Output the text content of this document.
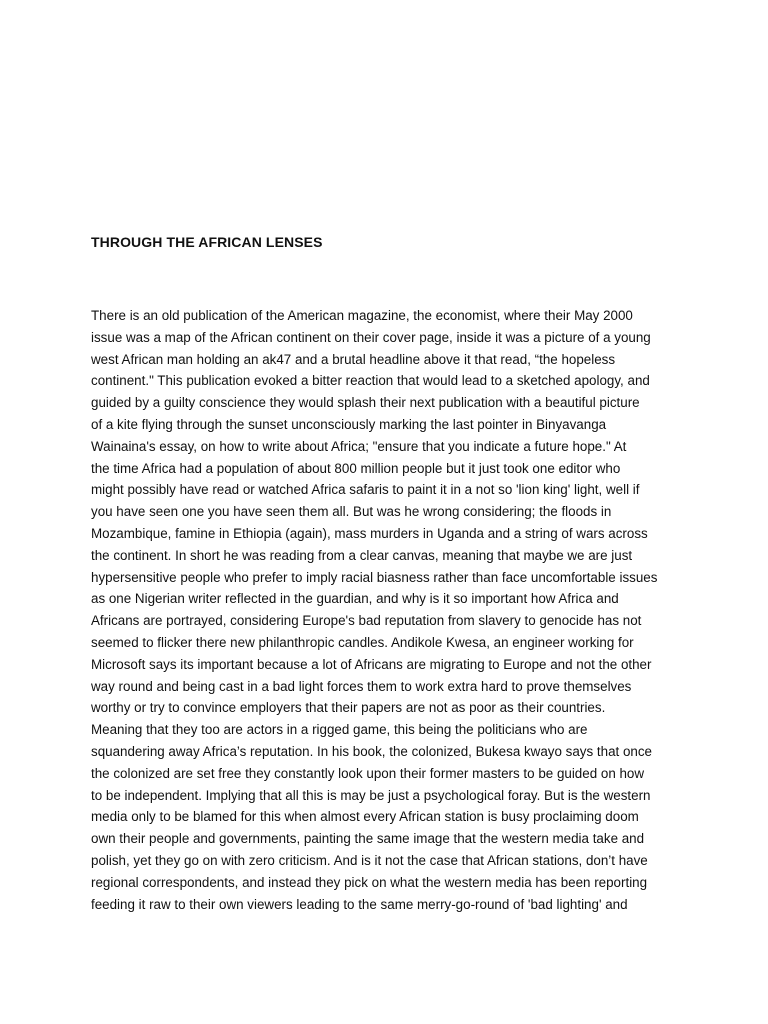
THROUGH THE AFRICAN LENSES
There is an old publication of the American magazine, the economist, where their May 2000
issue was a map of the African continent on their cover page, inside it was a picture of a young
west African man holding an ak47 and a brutal headline above it that read, “the hopeless
continent." This publication evoked a bitter reaction that would lead to a sketched apology, and
guided by a guilty conscience they would splash their next publication with a beautiful picture
of a kite flying through the sunset unconsciously marking the last pointer in Binyavanga
Wainaina's essay, on how to write about Africa; "ensure that you indicate a future hope." At
the time Africa had a population of about 800 million people but it just took one editor who
might possibly have read or watched Africa safaris to paint it in a not so 'lion king' light, well if
you have seen one you have seen them all. But was he wrong considering; the floods in
Mozambique, famine in Ethiopia (again), mass murders in Uganda and a string of wars across
the continent. In short he was reading from a clear canvas, meaning that maybe we are just
hypersensitive people who prefer to imply racial biasness rather than face uncomfortable issues
as one Nigerian writer reflected in the guardian, and why is it so important how Africa and
Africans are portrayed, considering Europe's bad reputation from slavery to genocide has not
seemed to flicker there new philanthropic candles. Andikole Kwesa, an engineer working for
Microsoft says its important because a lot of Africans are migrating to Europe and not the other
way round and being cast in a bad light forces them to work extra hard to prove themselves
worthy or try to convince employers that their papers are not as poor as their countries.
Meaning that they too are actors in a rigged game, this being the politicians who are
squandering away Africa’s reputation. In his book, the colonized, Bukesa kwayo says that once
the colonized are set free they constantly look upon their former masters to be guided on how
to be independent. Implying that all this is may be just a psychological foray. But is the western
media only to be blamed for this when almost every African station is busy proclaiming doom
own their people and governments, painting the same image that the western media take and
polish, yet they go on with zero criticism. And is it not the case that African stations, don’t have
regional correspondents, and instead they pick on what the western media has been reporting
feeding it raw to their own viewers leading to the same merry-go-round of 'bad lighting' and
